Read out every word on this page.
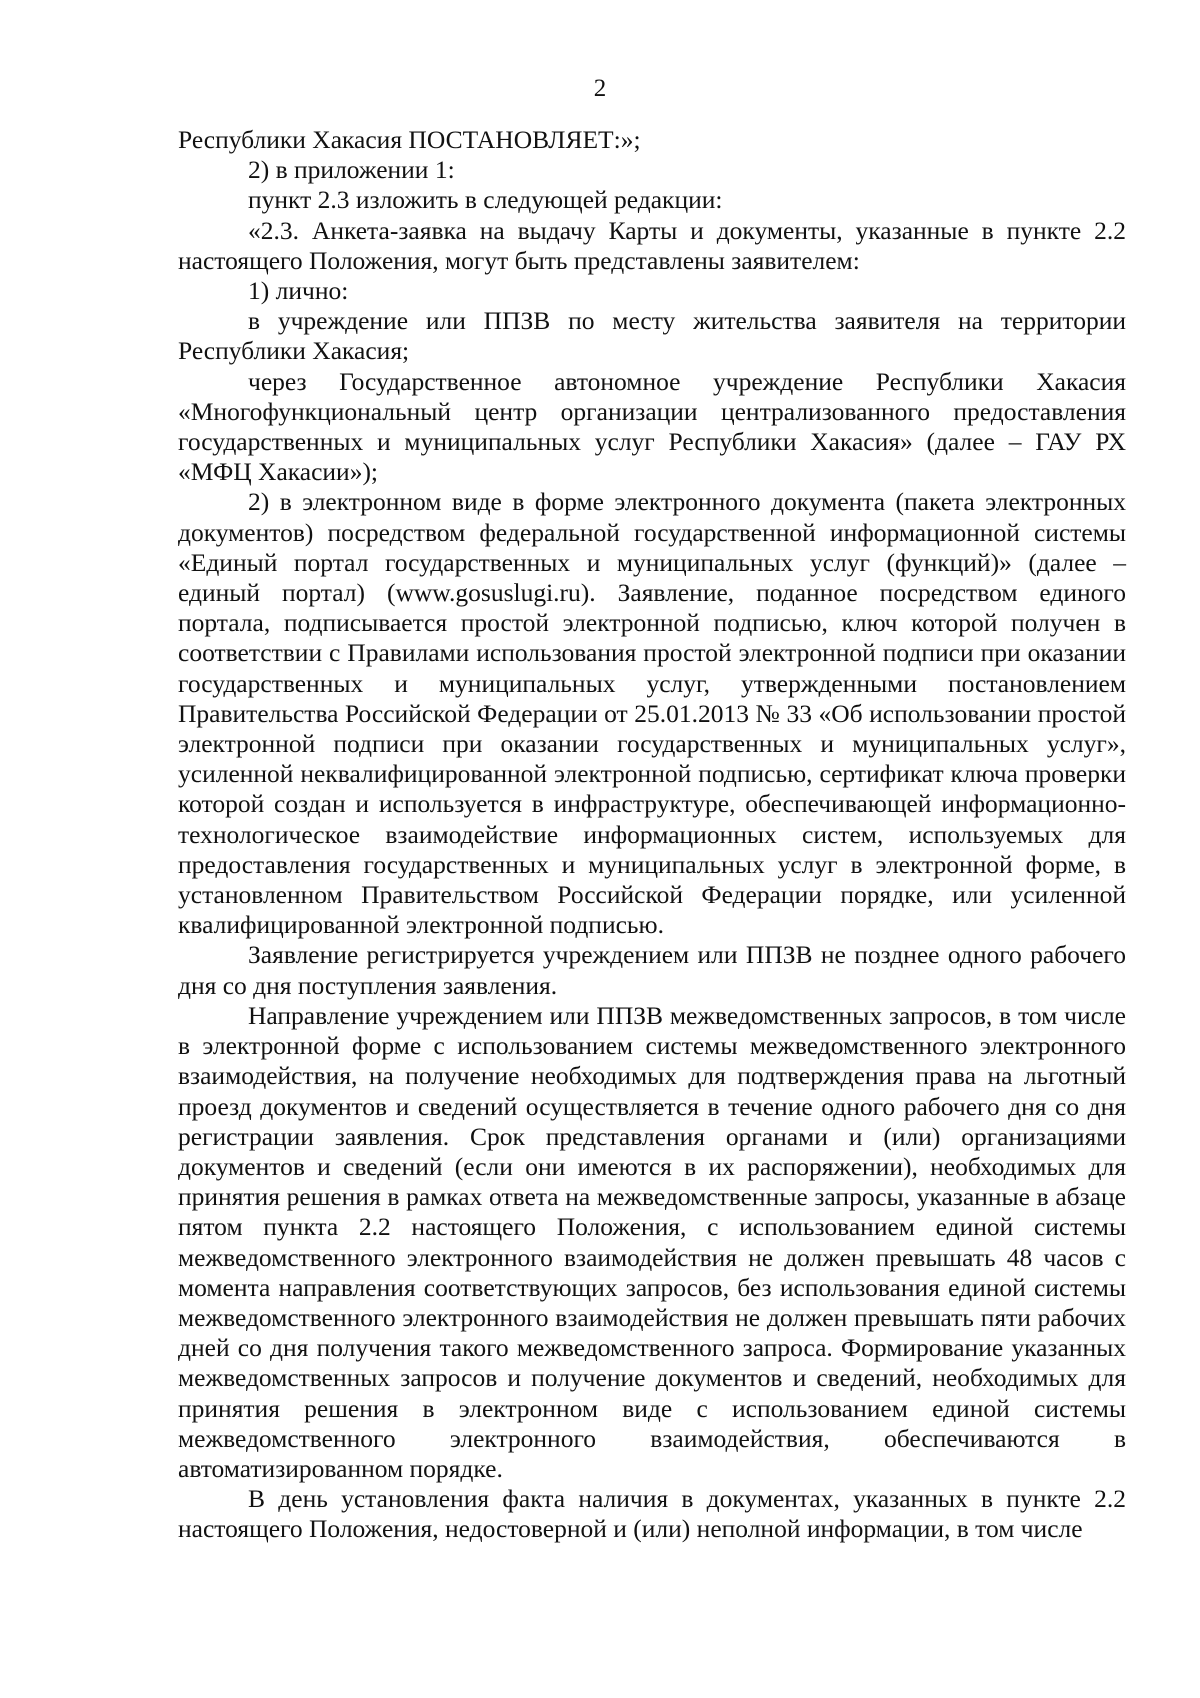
2

Республики Хакасия ПОСТАНОВЛЯЕТ:»;

2) в приложении 1:

пункт 2.3 изложить в следующей редакции:

«2.3. Анкета-заявка на выдачу Карты и документы, указанные в пункте 2.2 настоящего Положения, могут быть представлены заявителем:

1) лично:

в учреждение или ППЗВ по месту жительства заявителя на территории Республики Хакасия;

через Государственное автономное учреждение Республики Хакасия «Многофункциональный центр организации централизованного предоставления государственных и муниципальных услуг Республики Хакасия» (далее – ГАУ РХ «МФЦ Хакасии»);

2) в электронном виде в форме электронного документа (пакета электронных документов) посредством федеральной государственной информационной системы «Единый портал государственных и муниципальных услуг (функций)» (далее – единый портал) (www.gosuslugi.ru). Заявление, поданное посредством единого портала, подписывается простой электронной подписью, ключ которой получен в соответствии с Правилами использования простой электронной подписи при оказании государственных и муниципальных услуг, утвержденными постановлением Правительства Российской Федерации от 25.01.2013 № 33 «Об использовании простой электронной подписи при оказании государственных и муниципальных услуг», усиленной неквалифицированной электронной подписью, сертификат ключа проверки которой создан и используется в инфраструктуре, обеспечивающей информационно-технологическое взаимодействие информационных систем, используемых для предоставления государственных и муниципальных услуг в электронной форме, в установленном Правительством Российской Федерации порядке, или усиленной квалифицированной электронной подписью.

Заявление регистрируется учреждением или ППЗВ не позднее одного рабочего дня со дня поступления заявления.

Направление учреждением или ППЗВ межведомственных запросов, в том числе в электронной форме с использованием системы межведомственного электронного взаимодействия, на получение необходимых для подтверждения права на льготный проезд документов и сведений осуществляется в течение одного рабочего дня со дня регистрации заявления. Срок представления органами и (или) организациями документов и сведений (если они имеются в их распоряжении), необходимых для принятия решения в рамках ответа на межведомственные запросы, указанные в абзаце пятом пункта 2.2 настоящего Положения, с использованием единой системы межведомственного электронного взаимодействия не должен превышать 48 часов с момента направления соответствующих запросов, без использования единой системы межведомственного электронного взаимодействия не должен превышать пяти рабочих дней со дня получения такого межведомственного запроса. Формирование указанных межведомственных запросов и получение документов и сведений, необходимых для принятия решения в электронном виде с использованием единой системы межведомственного электронного взаимодействия, обеспечиваются в автоматизированном порядке.

В день установления факта наличия в документах, указанных в пункте 2.2 настоящего Положения, недостоверной и (или) неполной информации, в том числе
